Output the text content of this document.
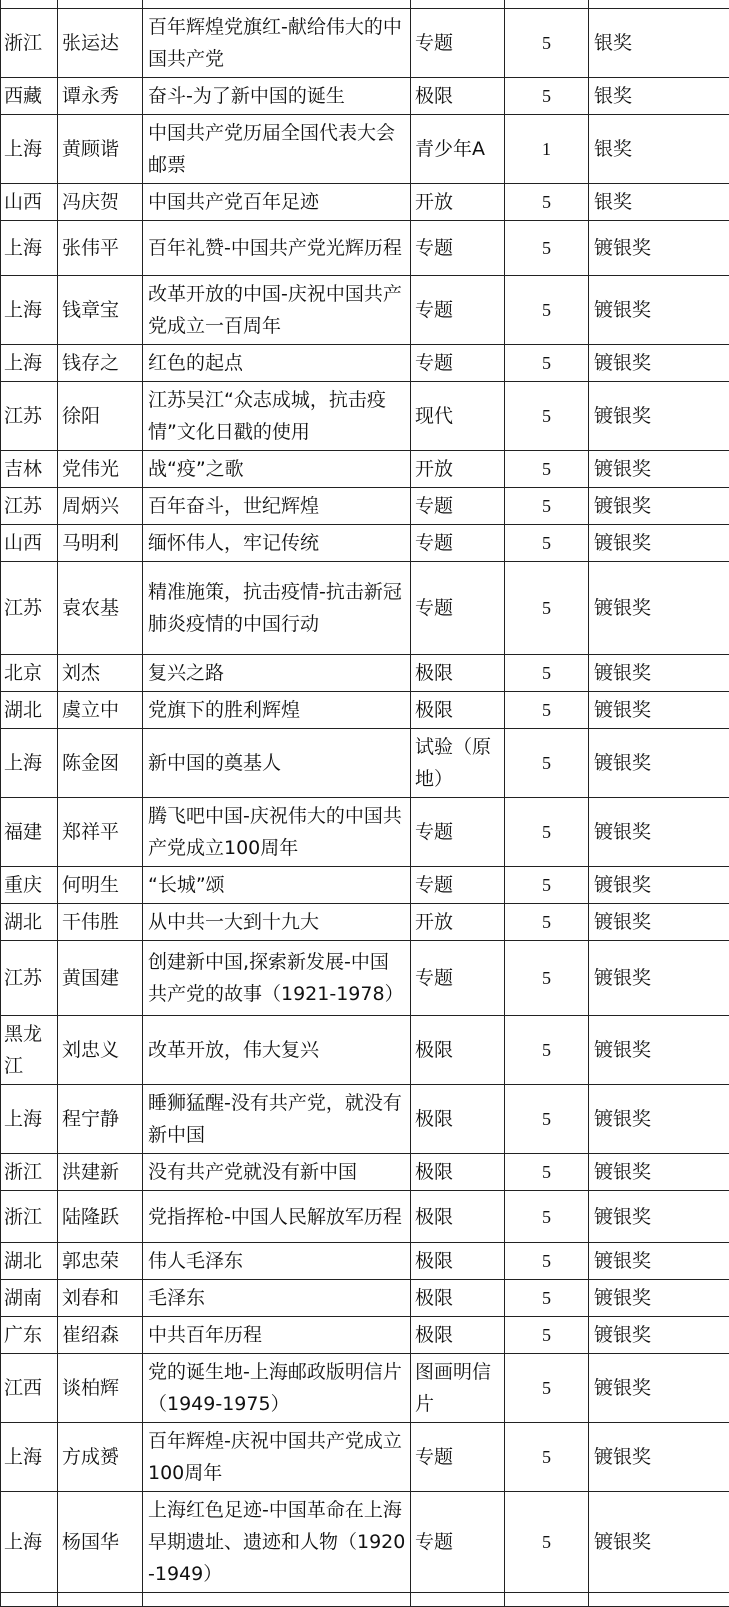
浙江	张运达	百年辉煌党旗红-献给伟大的中国共产党	专题	5	银奖
西藏	谭永秀	奋斗-为了新中国的诞生	极限	5	银奖
上海	黄顾谐	中国共产党历届全国代表大会邮票	青少年A	1	银奖
山西	冯庆贺	中国共产党百年足迹	开放	5	银奖
上海	张伟平	百年礼赞-中国共产党光辉历程	专题	5	镀银奖
上海	钱章宝	改革开放的中国-庆祝中国共产党成立一百周年	专题	5	镀银奖
上海	钱存之	红色的起点	专题	5	镀银奖
江苏	徐阳	江苏吴江“众志成城，抗击疫情”文化日戳的使用	现代	5	镀银奖
吉林	党伟光	战“疫”之歌	开放	5	镀银奖
江苏	周炳兴	百年奋斗，世纪辉煌	专题	5	镀银奖
山西	马明利	缅怀伟人，牢记传统	专题	5	镀银奖
江苏	袁农基	精准施策，抗击疫情-抗击新冠肺炎疫情的中国行动	专题	5	镀银奖
北京	刘杰	复兴之路	极限	5	镀银奖
湖北	虞立中	党旗下的胜利辉煌	极限	5	镀银奖
上海	陈金囡	新中国的奠基人	试验（原地）	5	镀银奖
福建	郑祥平	腾飞吧中国-庆祝伟大的中国共产党成立100周年	专题	5	镀银奖
重庆	何明生	“长城”颂	专题	5	镀银奖
湖北	干伟胜	从中共一大到十九大	开放	5	镀银奖
江苏	黄国建	创建新中国,探索新发展-中国共产党的故事（1921-1978）	专题	5	镀银奖
黑龙江	刘忠义	改革开放，伟大复兴	极限	5	镀银奖
上海	程宁静	睡狮猛醒-没有共产党，就没有新中国	极限	5	镀银奖
浙江	洪建新	没有共产党就没有新中国	极限	5	镀银奖
浙江	陆隆跃	党指挥枪-中国人民解放军历程	极限	5	镀银奖
湖北	郭忠荣	伟人毛泽东	极限	5	镀银奖
湖南	刘春和	毛泽东	极限	5	镀银奖
广东	崔绍森	中共百年历程	极限	5	镀银奖
江西	谈柏辉	党的诞生地-上海邮政版明信片（1949-1975）	图画明信片	5	镀银奖
上海	方成赟	百年辉煌-庆祝中国共产党成立100周年	专题	5	镀银奖
上海	杨国华	上海红色足迹-中国革命在上海早期遗址、遗迹和人物（1920-1949）	专题	5	镀银奖
